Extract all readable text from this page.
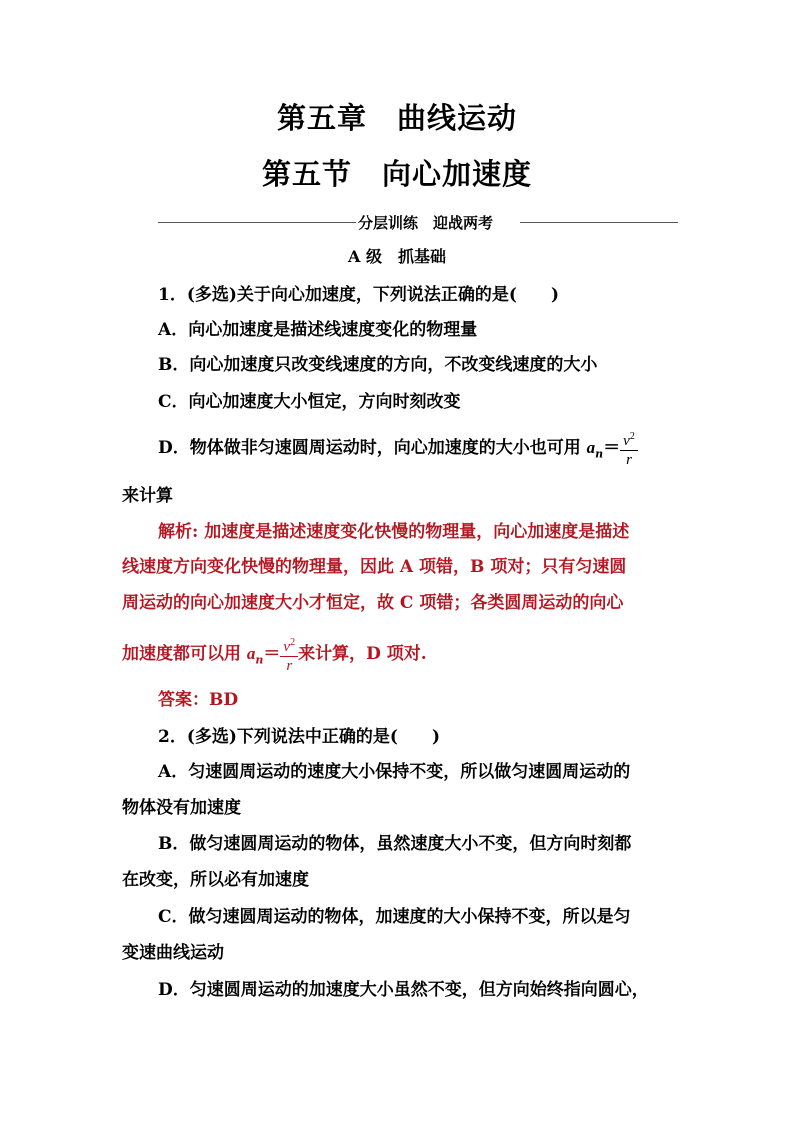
第五章　曲线运动
第五节　向心加速度
分层训练　迎战两考
A 级　抓基础
1．(多选)关于向心加速度，下列说法正确的是(　　)
A．向心加速度是描述线速度变化的物理量
B．向心加速度只改变线速度的方向，不改变线速度的大小
C．向心加速度大小恒定，方向时刻改变
D．物体做非匀速圆周运动时，向心加速度的大小也可用 $a_n= \frac{v^2}{r}$
来计算
解析: 加速度是描述速度变化快慢的物理量，向心加速度是描述
线速度方向变化快慢的物理量，因此 A 项错，B 项对；只有匀速圆
周运动的向心加速度大小才恒定，故 C 项错；各类圆周运动的向心
加速度都可以用 $a_n= \frac{v^2}{r}$ 来计算，D 项对.
答案：BD
2．(多选)下列说法中正确的是(　　)
A．匀速圆周运动的速度大小保持不变，所以做匀速圆周运动的
物体没有加速度
B．做匀速圆周运动的物体，虽然速度大小不变，但方向时刻都
在改变，所以必有加速度
C．做匀速圆周运动的物体，加速度的大小保持不变，所以是匀
变速曲线运动
D．匀速圆周运动的加速度大小虽然不变，但方向始终指向圆心，
